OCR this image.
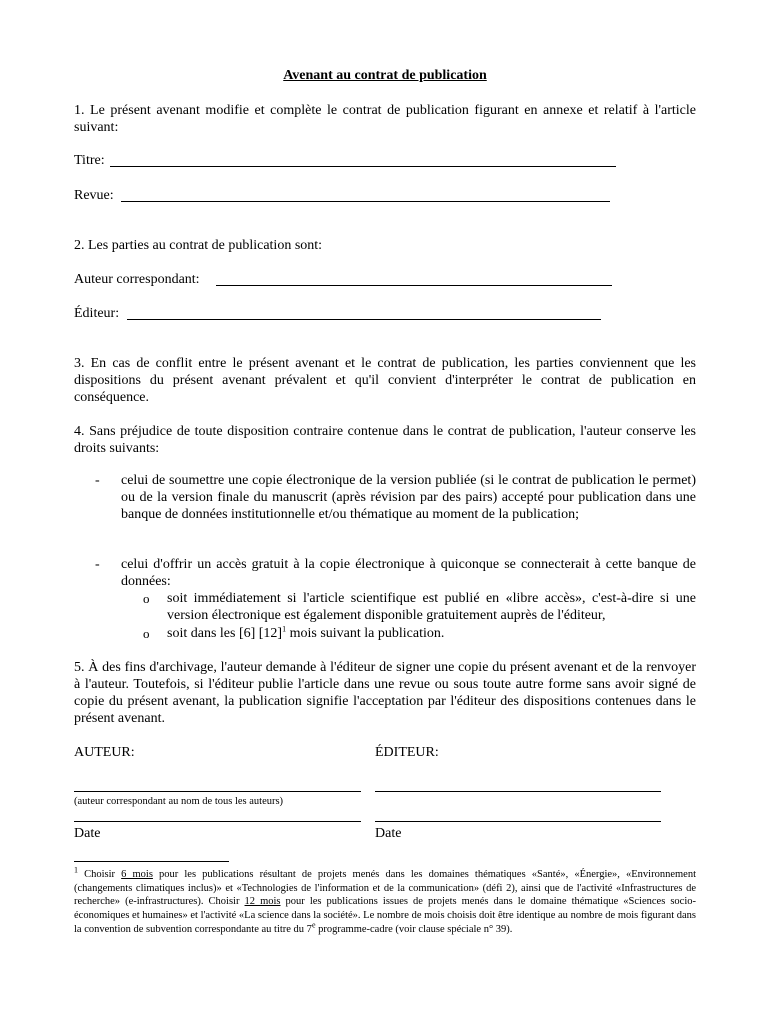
Avenant au contrat de publication
1. Le présent avenant modifie et complète le contrat de publication figurant en annexe et relatif à l'article suivant:
Titre:
Revue:
2. Les parties au contrat de publication sont:
Auteur correspondant:
Éditeur:
3. En cas de conflit entre le présent avenant et le contrat de publication, les parties conviennent que les dispositions du présent avenant prévalent et qu'il convient d'interpréter le contrat de publication en conséquence.
4. Sans préjudice de toute disposition contraire contenue dans le contrat de publication, l'auteur conserve les droits suivants:
- celui de soumettre une copie électronique de la version publiée (si le contrat de publication le permet) ou de la version finale du manuscrit (après révision par des pairs) accepté pour publication dans une banque de données institutionnelle et/ou thématique au moment de la publication;
- celui d'offrir un accès gratuit à la copie électronique à quiconque se connecterait à cette banque de données:
o soit immédiatement si l'article scientifique est publié en «libre accès», c'est-à-dire si une version électronique est également disponible gratuitement auprès de l'éditeur,
o soit dans les [6] $[12]^1$ mois suivant la publication.
5. À des fins d'archivage, l'auteur demande à l'éditeur de signer une copie du présent avenant et de la renvoyer à l'auteur. Toutefois, si l'éditeur publie l'article dans une revue ou sous toute autre forme sans avoir signé de copie du présent avenant, la publication signifie l'acceptation par l'éditeur des dispositions contenues dans le présent avenant.
AUTEUR:	ÉDITEUR:
(auteur correspondant au nom de tous les auteurs)
Date	Date
$^1$ Choisir 6 mois pour les publications résultant de projets menés dans les domaines thématiques «Santé», «Énergie», «Environnement (changements climatiques inclus)» et «Technologies de l'information et de la communication» (défi 2), ainsi que de l'activité «Infrastructures de recherche» (e-infrastructures). Choisir 12 mois pour les publications issues de projets menés dans le domaine thématique «Sciences socio-économiques et humaines» et l'activité «La science dans la société». Le nombre de mois choisis doit être identique au nombre de mois figurant dans la convention de subvention correspondante au titre du 7e programme-cadre (voir clause spéciale n° 39).
